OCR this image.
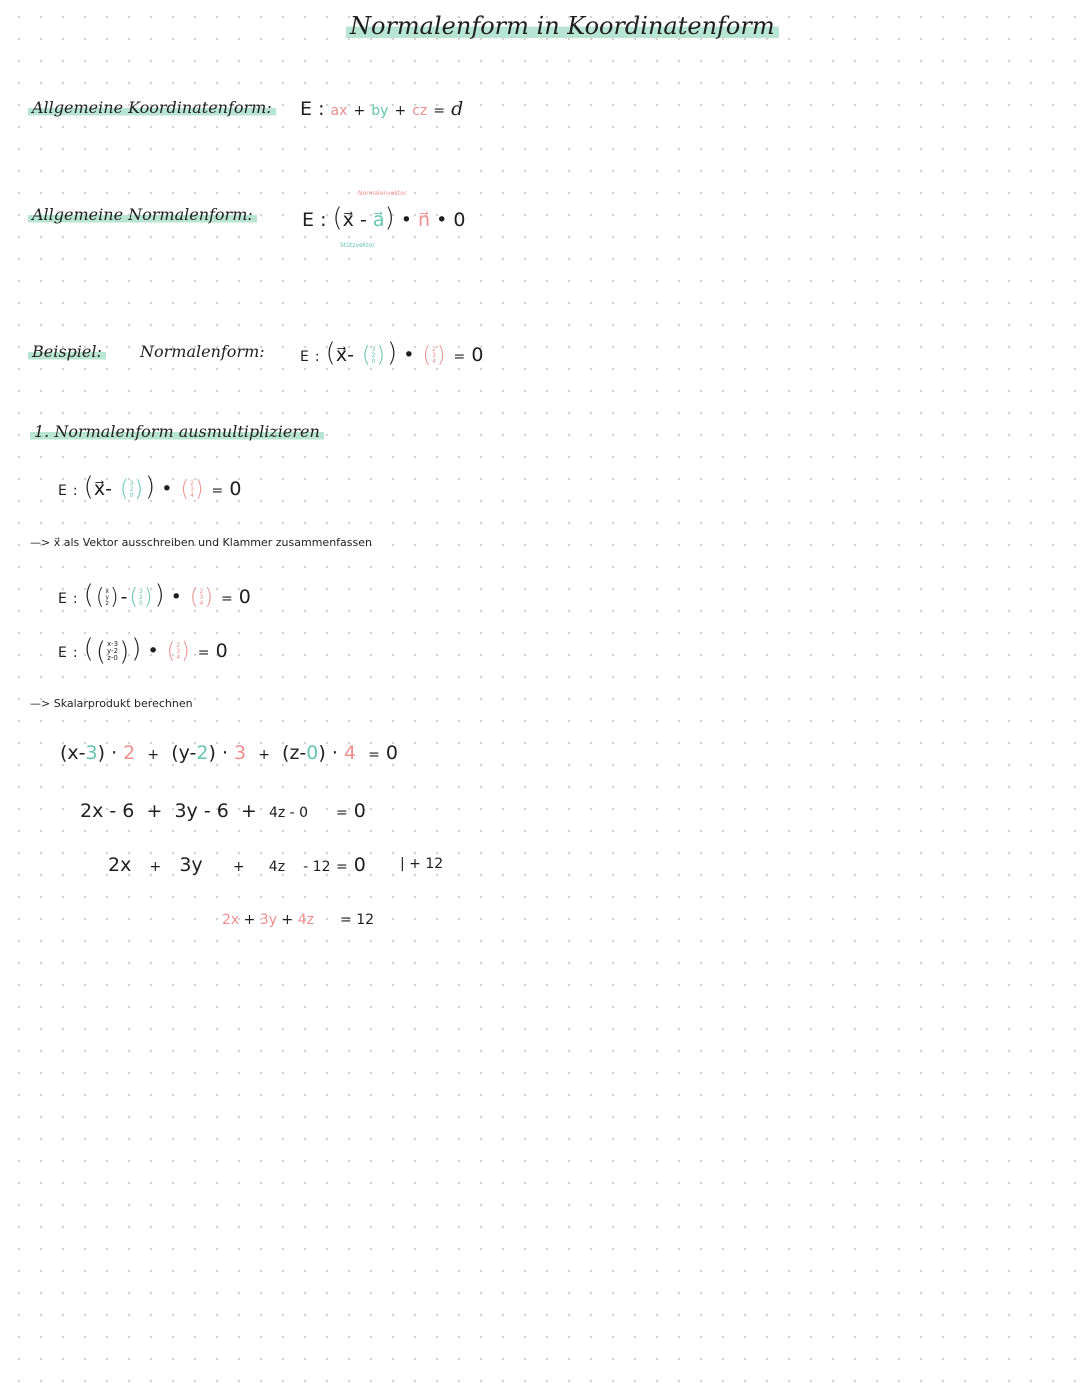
Normalenform in Koordinatenform
Allgemeine Koordinatenform: E : ax + by + cz = d
Allgemeine Normalenform:
Normalenvektor
Stützvektor
E : (x⃗ - a⃗) • n⃗ • 0
Beispiel: Normalenform:	E : (x⃗- ( 3
2
0 ) ) • ( 2
3
4 ) = 0
1. Normalenform ausmultiplizieren
E : (x⃗- ( 3
2
0 ) ) • ( 2
3
4 ) = 0
—> x⃗ als Vektor ausschreiben und Klammer zusammenfassen
E : ( ( x
y
z ) - ( 3
2
0 ) ) • ( 2
3
4 ) = 0
E : ( ( x-3
y-2
z-0 ) ) • ( 2
3
4 ) = 0
—> Skalarprodukt berechnen
(x-3) · 2 + (y-2) · 3 + (z-0) · 4 = 0
2x - 6 + 3y - 6 + 4z - 0 = 0
2x + 3y + 4z - 12 = 0 | + 12
2x + 3y + 4z = 12
